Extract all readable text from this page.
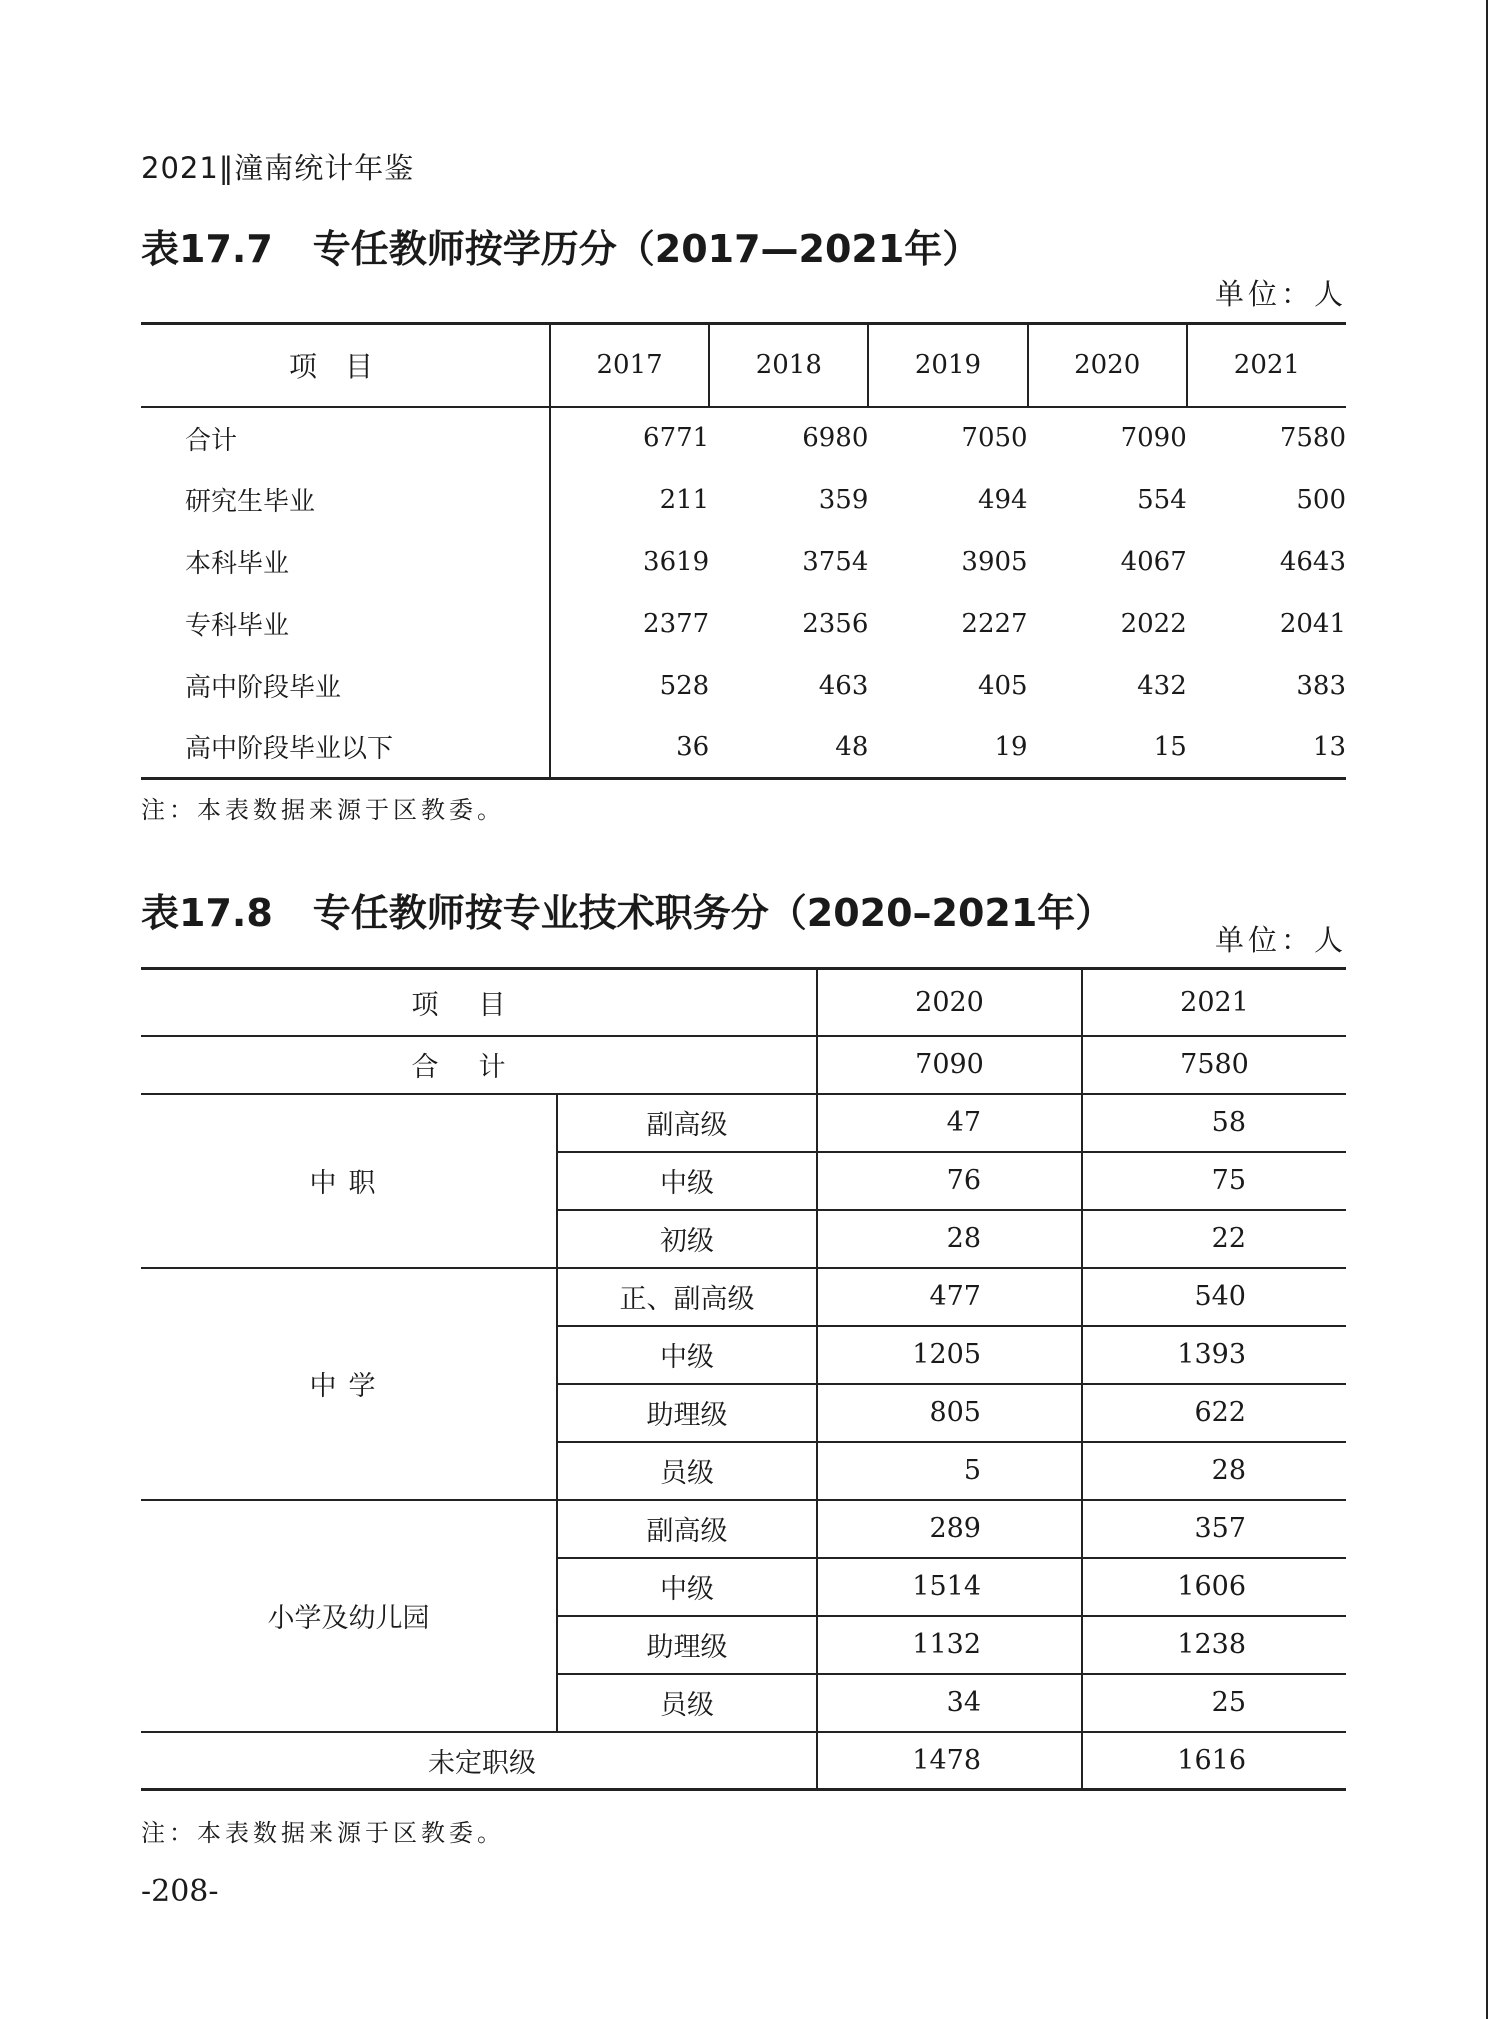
2021‖潼南统计年鉴
表17.7 专任教师按学历分（2017—2021年）
单位：人
项目	2017	2018	2019	2020	2021
合计	6771	6980	7050	7090	7580
研究生毕业	211	359	494	554	500
本科毕业	3619	3754	3905	4067	4643
专科毕业	2377	2356	2227	2022	2041
高中阶段毕业	528	463	405	432	383
高中阶段毕业以下	36	48	19	15	13
注：本表数据来源于区教委。
表17.8 专任教师按专业技术职务分（2020–2021年）
单位：人
项目		2020	2021
合计		7090	7580
中职	副高级	47	58
	中级	76	75
	初级	28	22
中学	正、副高级	477	540
	中级	1205	1393
	助理级	805	622
	员级	5	28
小学及幼儿园	副高级	289	357
	中级	1514	1606
	助理级	1132	1238
	员级	34	25
未定职级		1478	1616
注：本表数据来源于区教委。
-208-
